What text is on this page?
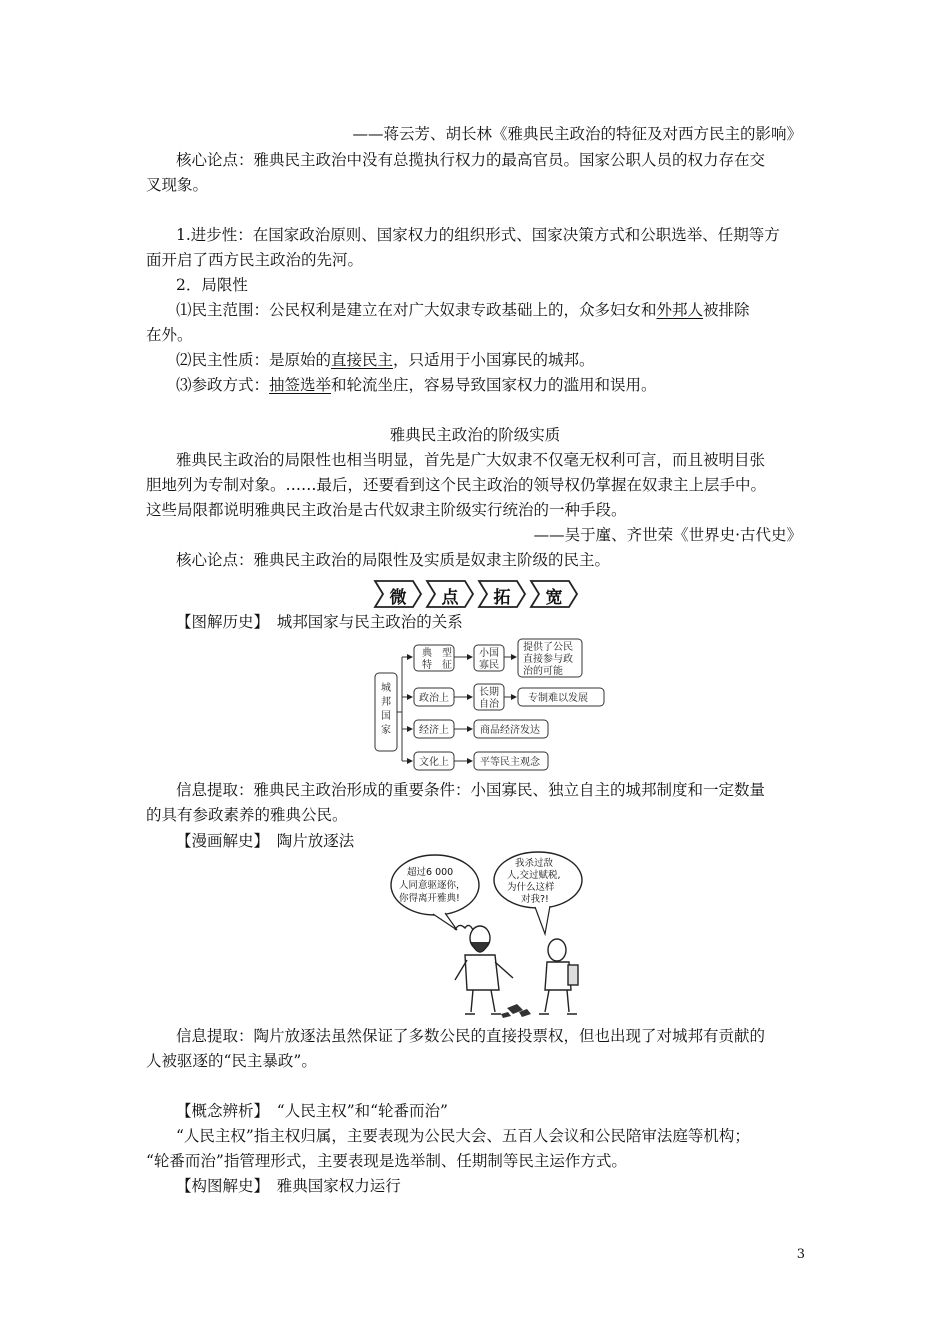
——蒋云芳、胡长林《雅典民主政治的特征及对西方民主的影响》
核心论点：雅典民主政治中没有总揽执行权力的最高官员。国家公职人员的权力存在交
叉现象。
1.进步性：在国家政治原则、国家权力的组织形式、国家决策方式和公职选举、任期等方
面开启了西方民主政治的先河。
2．局限性
⑴民主范围：公民权利是建立在对广大奴隶专政基础上的，众多妇女和外邦人被排除
在外。
⑵民主性质：是原始的直接民主，只适用于小国寡民的城邦。
⑶参政方式：抽签选举和轮流坐庄，容易导致国家权力的滥用和误用。
雅典民主政治的阶级实质
雅典民主政治的局限性也相当明显，首先是广大奴隶不仅毫无权利可言，而且被明目张
胆地列为专制对象。……最后，还要看到这个民主政治的领导权仍掌握在奴隶主上层手中。
这些局限都说明雅典民主政治是古代奴隶主阶级实行统治的一种手段。
——吴于廑、齐世荣《世界史·古代史》
核心论点：雅典民主政治的局限性及实质是奴隶主阶级的民主。
微	点	拓	宽
【图解历史】　 城邦国家与民主政治的关系
城
邦
国
家
典　型
特　征
小国
寡民
提供了公民
直接参与政
治的可能
政治上
长期
自治
专制难以发展
经济上	商品经济发达
文化上	平等民主观念
信息提取：雅典民主政治形成的重要条件：小国寡民、独立自主的城邦制度和一定数量
的具有参政素养的雅典公民。
【漫画解史】　 陶片放逐法
超过6 000
人同意驱逐你，
你得离开雅典!
我杀过敌
人,交过赋税,
为什么这样
对我?!
信息提取：陶片放逐法虽然保证了多数公民的直接投票权，但也出现了对城邦有贡献的
人被驱逐的“民主暴政”。
【概念辨析】　 “人民主权”和“轮番而治”
“人民主权”指主权归属，主要表现为公民大会、五百人会议和公民陪审法庭等机构；
“轮番而治”指管理形式，主要表现是选举制、任期制等民主运作方式。
【构图解史】　 雅典国家权力运行
3
